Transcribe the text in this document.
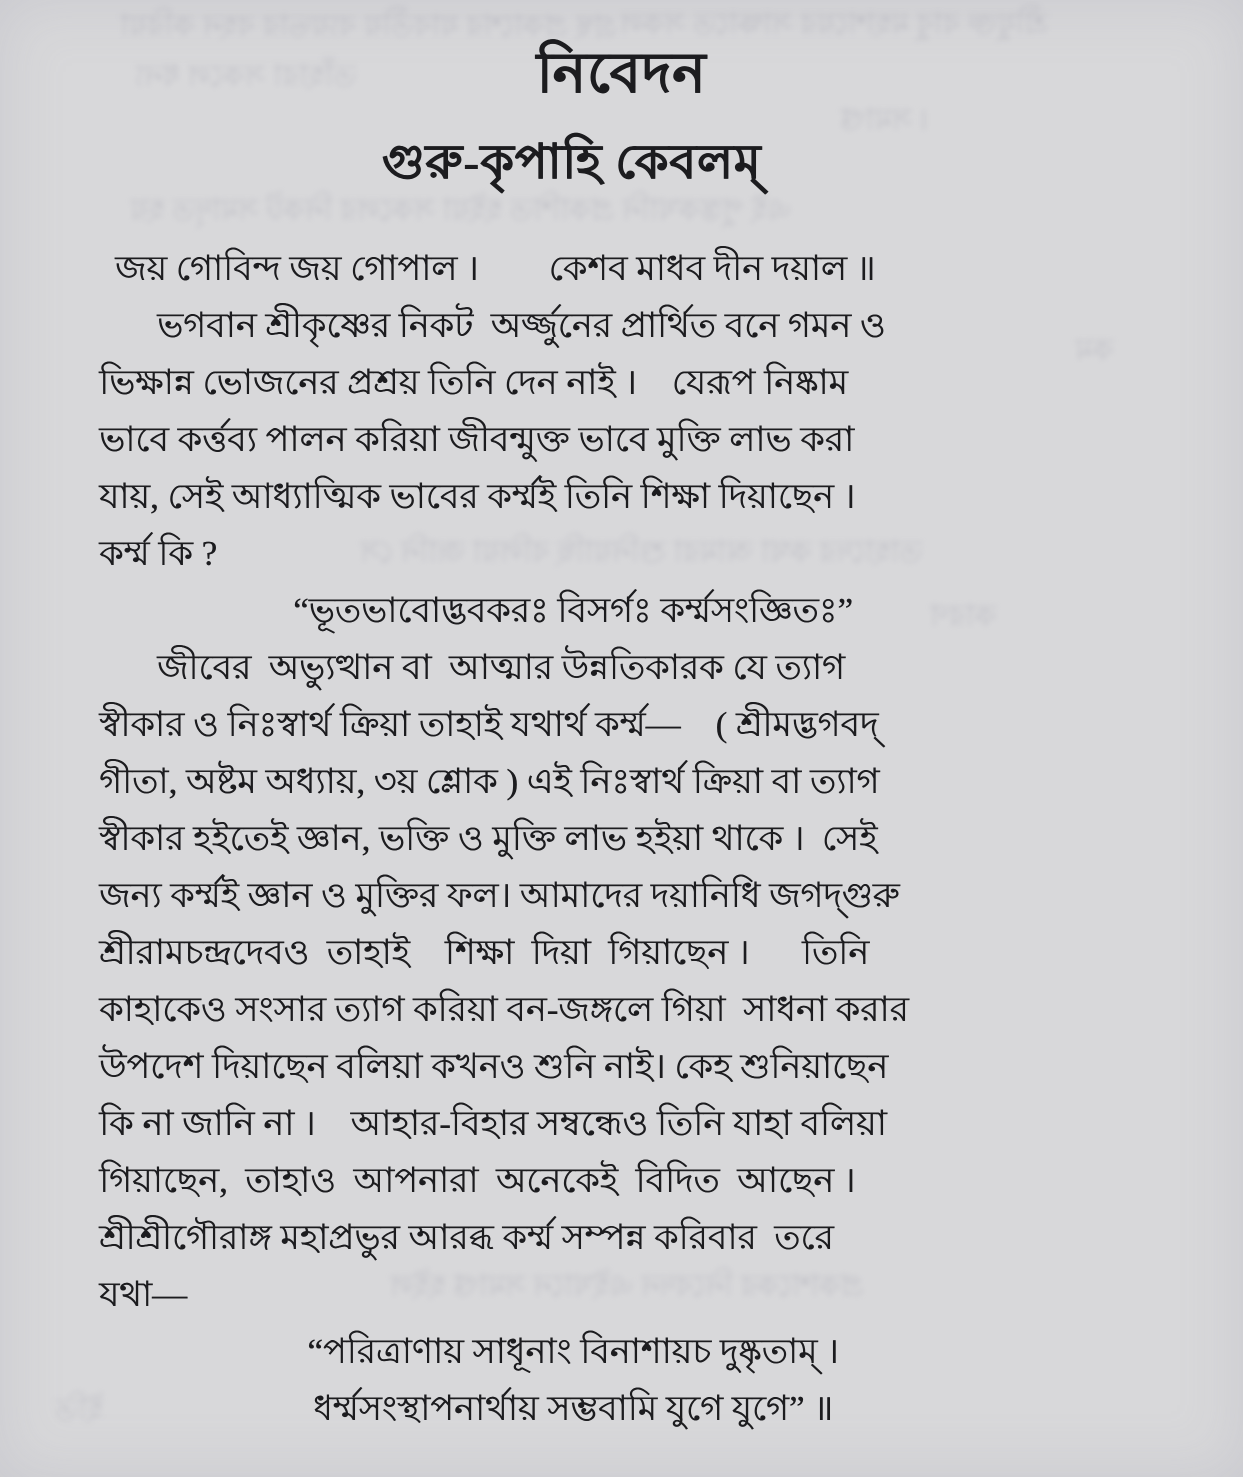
গ্রন্থ প্রকাশের যাবতীয় ব্যয়ভার বহন করিয়া শ্রীযুক্ত বাবু মহাশয়ের সাক্ষাতে সকল
তাঁহারা সকলে ধন্য
। সমাপ্ত
এই পুস্তকখানি প্রকাশিত হইয়া সকলের নিকট সমাদৃত হয়
তাহাদের কথা আমরা শুনিয়াছি বলিয়া জানি সে
কারণ
প্রকাশকের নিবেদন এইখানে সমাপ্ত হইল
ইতি
কম
নিবেদন
গুরু-কৃপাহি কেবলম্
জয় গোবিন্দ জয় গোপাল ।  কেশব মাধব দীন দয়াল ॥
ভগবান শ্রীকৃষ্ণের নিকট অর্জ্জুনের প্রার্থিত বনে গমন ও
ভিক্ষান্ন ভোজনের প্রশ্রয় তিনি দেন নাই । যেরূপ নিষ্কাম
ভাবে কর্ত্তব্য পালন করিয়া জীবন্মুক্ত ভাবে মুক্তি লাভ করা
যায়, সেই আধ্যাত্মিক ভাবের কর্ম্মই তিনি শিক্ষা দিয়াছেন ।
কর্ম্ম কি ?
“ভূতভাবোদ্ভবকরঃ বিসর্গঃ কর্ম্মসংজ্ঞিতঃ”
জীবের অভ্যুত্থান বা আত্মার উন্নতিকারক যে ত্যাগ
স্বীকার ও নিঃস্বার্থ ক্রিয়া তাহাই যথার্থ কর্ম্ম— ( শ্রীমদ্ভগবদ্
গীতা, অষ্টম অধ্যায়, ৩য় শ্লোক ) এই নিঃস্বার্থ ক্রিয়া বা ত্যাগ
স্বীকার হইতেই জ্ঞান, ভক্তি ও মুক্তি লাভ হইয়া থাকে । সেই
জন্য কর্ম্মই জ্ঞান ও মুক্তির ফল। আমাদের দয়ানিধি জগদ্গুরু
শ্রীরামচন্দ্রদেবও তাহাই শিক্ষা দিয়া গিয়াছেন ।  তিনি
কাহাকেও সংসার ত্যাগ করিয়া বন-জঙ্গলে গিয়া সাধনা করার
উপদেশ দিয়াছেন বলিয়া কখনও শুনি নাই। কেহ শুনিয়াছেন
কি না জানি না । আহার-বিহার সম্বন্ধেও তিনি যাহা বলিয়া
গিয়াছেন, তাহাও আপনারা অনেকেই বিদিত আছেন ।
শ্রীশ্রীগৌরাঙ্গ মহাপ্রভুর আরব্ধ কর্ম্ম সম্পন্ন করিবার তরে
যথা—
“পরিত্রাণায় সাধূনাং বিনাশায়চ দুষ্কৃতাম্ ।
ধর্ম্মসংস্থাপনার্থায় সম্ভবামি যুগে যুগে” ॥
